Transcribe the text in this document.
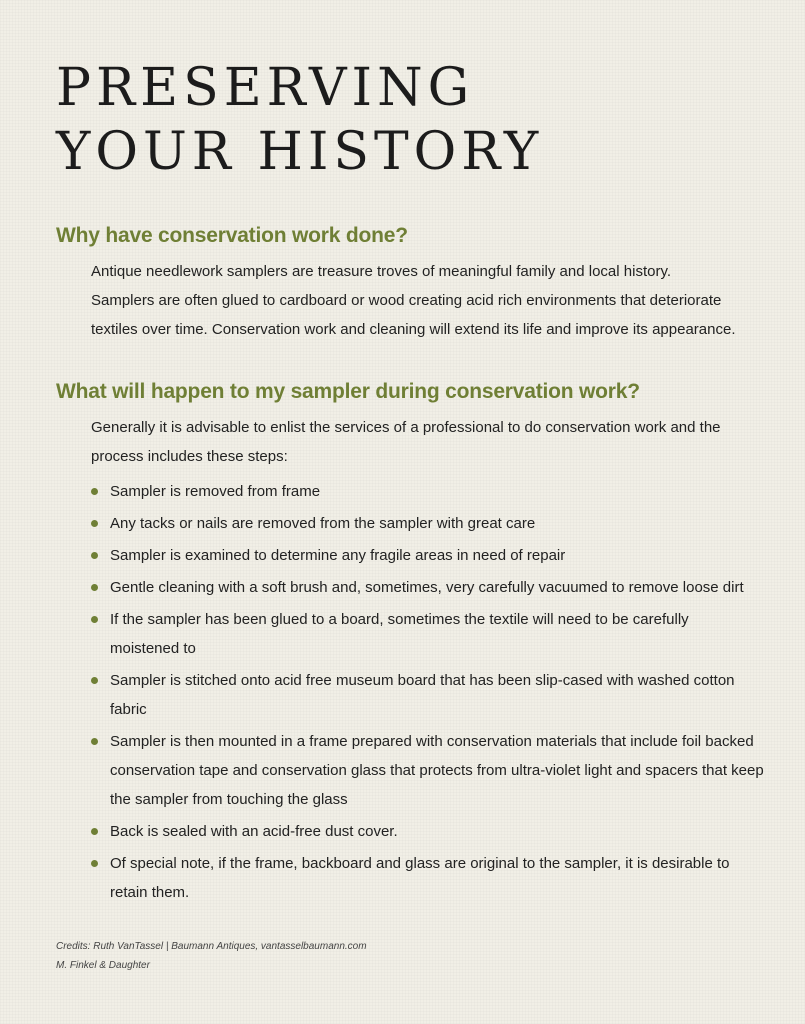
PRESERVING
YOUR HISTORY
Why have conservation work done?

Antique needlework samplers are treasure troves of meaningful family and local history.
Samplers are often glued to cardboard or wood creating acid rich environments that deteriorate
textiles over time. Conservation work and cleaning will extend its life and improve its appearance.

What will happen to my sampler during conservation work?

Generally it is advisable to enlist the services of a professional to do conservation work and the
process includes these steps:

Sampler is removed from frame
Any tacks or nails are removed from the sampler with great care
Sampler is examined to determine any fragile areas in need of repair
Gentle cleaning with a soft brush and, sometimes, very carefully vacuumed to remove loose dirt
If the sampler has been glued to a board, sometimes the textile will need to be carefully
moistened to
Sampler is stitched onto acid free museum board that has been slip-cased with washed cotton
fabric
Sampler is then mounted in a frame prepared with conservation materials that include foil backed
conservation tape and conservation glass that protects from ultra-violet light and spacers that keep
the sampler from touching the glass
Back is sealed with an acid-free dust cover.
Of special note, if the frame, backboard and glass are original to the sampler, it is desirable to
retain them.

Credits: Ruth VanTassel | Baumann Antiques, vantasselbaumann.com
M. Finkel & Daughter
